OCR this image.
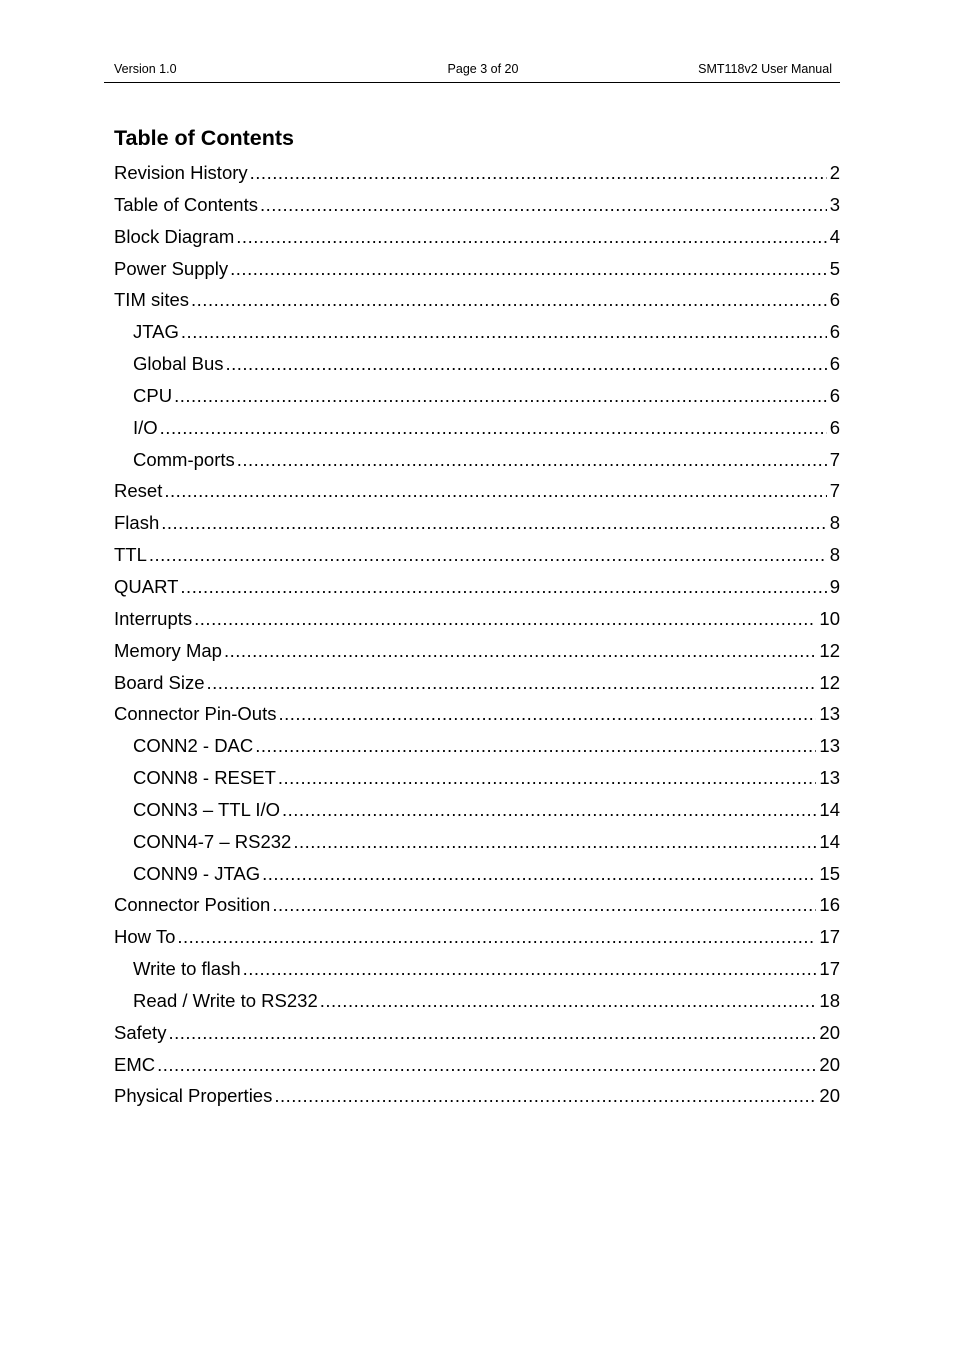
Version 1.0	Page 3 of 20	SMT118v2 User Manual
Table of Contents
Revision History .....	2
Table of Contents .....	3
Block Diagram .....	4
Power Supply .....	5
TIM sites .....	6
JTAG .....	6
Global Bus .....	6
CPU .....	6
I/O .....	6
Comm-ports .....	7
Reset .....	7
Flash .....	8
TTL .....	8
QUART .....	9
Interrupts .....	10
Memory Map .....	12
Board Size .....	12
Connector Pin-Outs .....	13
CONN2 - DAC .....	13
CONN8 - RESET .....	13
CONN3 – TTL I/O .....	14
CONN4-7 – RS232 .....	14
CONN9 - JTAG .....	15
Connector Position .....	16
How To .....	17
Write to flash .....	17
Read / Write to RS232 .....	18
Safety .....	20
EMC .....	20
Physical Properties .....	20
